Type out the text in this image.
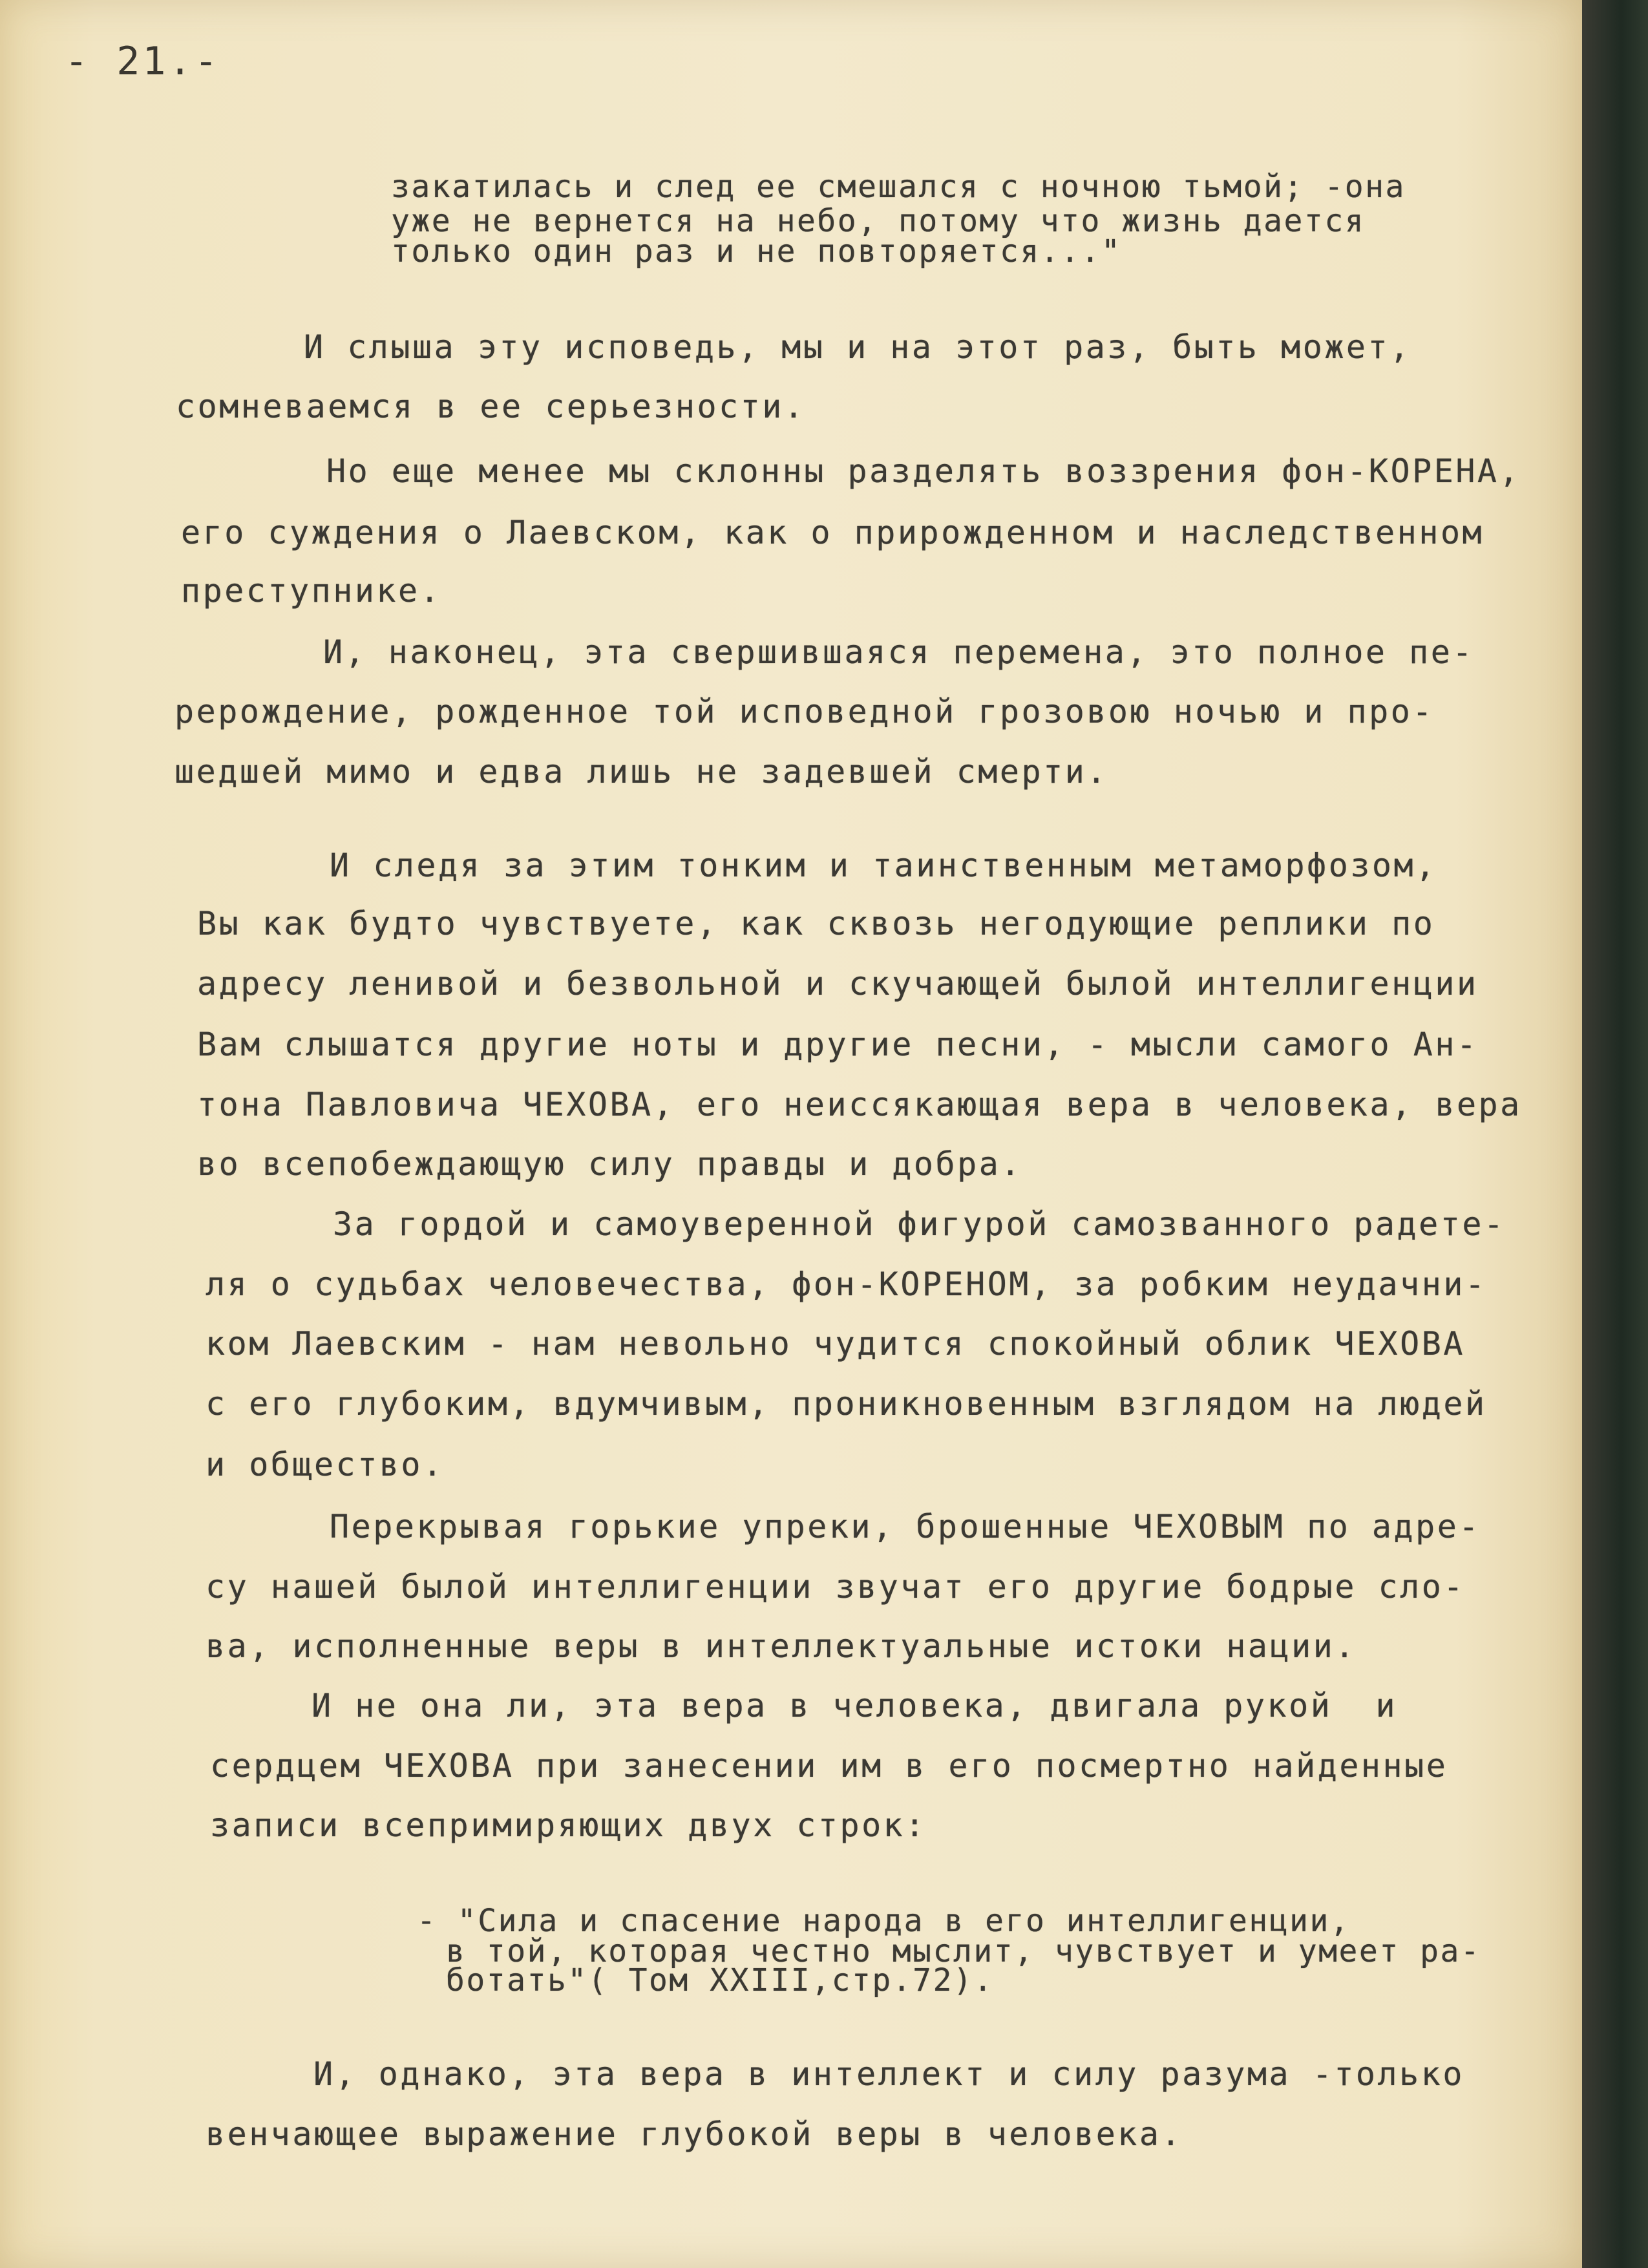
- 21.-
закатилась и след ее смешался с ночною тьмой; -она
уже не вернется на небо, потому что жизнь дается
только один раз и не повторяется..."
И слыша эту исповедь, мы и на этот раз, быть может,
сомневаемся в ее серьезности.
Но еще менее мы склонны разделять воззрения фон-КОРЕНА,
его суждения о Лаевском, как о прирожденном и наследственном
преступнике.
И, наконец, эта свершившаяся перемена, это полное пе-
рерождение, рожденное той исповедной грозовою ночью и про-
шедшей мимо и едва лишь не задевшей смерти.
И следя за этим тонким и таинственным метаморфозом,
Вы как будто чувствуете, как сквозь негодующие реплики по
адресу ленивой и безвольной и скучающей былой интеллигенции
Вам слышатся другие ноты и другие песни, - мысли самого Ан-
тона Павловича ЧЕХОВА, его неиссякающая вера в человека, вера
во всепобеждающую силу правды и добра.
За гордой и самоуверенной фигурой самозванного радете-
ля о судьбах человечества, фон-КОРЕНОМ, за робким неудачни-
ком Лаевским - нам невольно чудится спокойный облик ЧЕХОВА
с его глубоким, вдумчивым, проникновенным взглядом на людей
и общество.
Перекрывая горькие упреки, брошенные ЧЕХОВЫМ по адре-
су нашей былой интеллигенции звучат его другие бодрые сло-
ва, исполненные веры в интеллектуальные истоки нации.
И не она ли, эта вера в человека, двигала рукой  и
сердцем ЧЕХОВА при занесении им в его посмертно найденные
записи всепримиряющих двух строк:
- "Сила и спасение народа в его интеллигенции,
в той, которая честно мыслит, чувствует и умеет ра-
ботать"( Том XXIII,стр.72).
И, однако, эта вера в интеллект и силу разума -только
венчающее выражение глубокой веры в человека.
